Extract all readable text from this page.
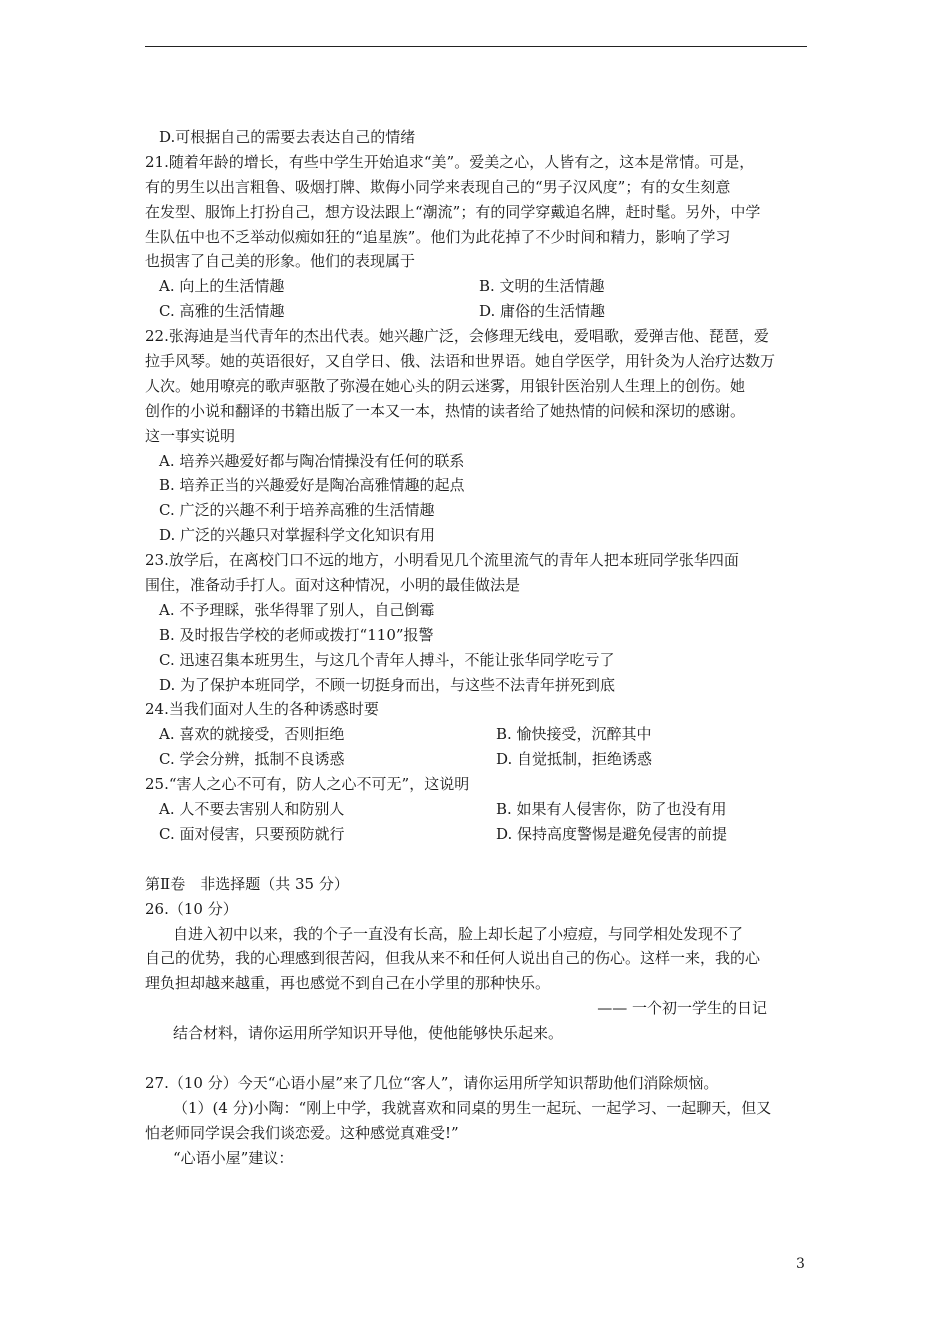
D.可根据自己的需要去表达自己的情绪
21.随着年龄的增长，有些中学生开始追求“美”。爱美之心，人皆有之，这本是常情。可是，
有的男生以出言粗鲁、吸烟打牌、欺侮小同学来表现自己的“男子汉风度”；有的女生刻意
在发型、服饰上打扮自己，想方设法跟上“潮流”；有的同学穿戴追名牌，赶时髦。另外，中学
生队伍中也不乏举动似痴如狂的“追星族”。他们为此花掉了不少时间和精力，影响了学习
也损害了自己美的形象。他们的表现属于
A. 向上的生活情趣	B. 文明的生活情趣
C. 高雅的生活情趣	D. 庸俗的生活情趣
22.张海迪是当代青年的杰出代表。她兴趣广泛，会修理无线电，爱唱歌，爱弹吉他、琵琶，爱
拉手风琴。她的英语很好，又自学日、俄、法语和世界语。她自学医学，用针灸为人治疗达数万
人次。她用嘹亮的歌声驱散了弥漫在她心头的阴云迷雾，用银针医治别人生理上的创伤。她
创作的小说和翻译的书籍出版了一本又一本，热情的读者给了她热情的问候和深切的感谢。
这一事实说明
A. 培养兴趣爱好都与陶冶情操没有任何的联系
B. 培养正当的兴趣爱好是陶冶高雅情趣的起点
C. 广泛的兴趣不利于培养高雅的生活情趣
D. 广泛的兴趣只对掌握科学文化知识有用
23.放学后，在离校门口不远的地方，小明看见几个流里流气的青年人把本班同学张华四面
围住，准备动手打人。面对这种情况，小明的最佳做法是
A. 不予理睬，张华得罪了别人，自己倒霉
B. 及时报告学校的老师或拨打“110”报警
C. 迅速召集本班男生，与这几个青年人搏斗，不能让张华同学吃亏了
D. 为了保护本班同学，不顾一切挺身而出，与这些不法青年拼死到底
24.当我们面对人生的各种诱惑时要
A. 喜欢的就接受，否则拒绝	B. 愉快接受，沉醉其中
C. 学会分辨，抵制不良诱惑	D. 自觉抵制，拒绝诱惑
25.“害人之心不可有，防人之心不可无”，这说明
A. 人不要去害别人和防别人	B. 如果有人侵害你，防了也没有用
C. 面对侵害，只要预防就行	D. 保持高度警惕是避免侵害的前提
第Ⅱ卷　非选择题（共 35 分）
26.（10 分）
自进入初中以来，我的个子一直没有长高，脸上却长起了小痘痘，与同学相处发现不了
自己的优势，我的心理感到很苦闷，但我从来不和任何人说出自己的伤心。这样一来，我的心
理负担却越来越重，再也感觉不到自己在小学里的那种快乐。
—— 一个初一学生的日记
结合材料，请你运用所学知识开导他，使他能够快乐起来。
27.（10 分）今天“心语小屋”来了几位“客人”，请你运用所学知识帮助他们消除烦恼。
（1）(4 分)小陶：“刚上中学，我就喜欢和同桌的男生一起玩、一起学习、一起聊天，但又
怕老师同学误会我们谈恋爱。这种感觉真难受!”
“心语小屋”建议：
3
